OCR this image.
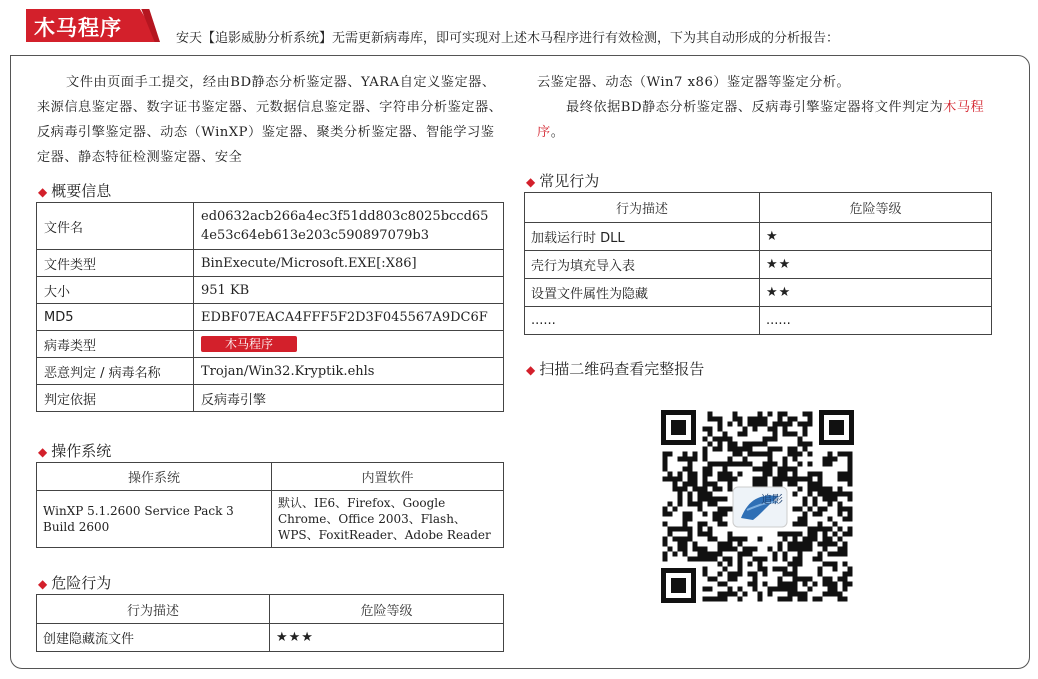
木马程序	安天【追影威胁分析系统】无需更新病毒库，即可实现对上述木马程序进行有效检测，下为其自动形成的分析报告：
文件由页面手工提交，经由BD静态分析鉴定器、YARA自定义鉴定器、来源信息鉴定器、数字证书鉴定器、元数据信息鉴定器、字符串分析鉴定器、反病毒引擎鉴定器、动态（WinXP）鉴定器、聚类分析鉴定器、智能学习鉴定器、静态特征检测鉴定器、安全
云鉴定器、动态（Win7 x86）鉴定器等鉴定分析。
最终依据BD静态分析鉴定器、反病毒引擎鉴定器将文件判定为木马程序。
◆ 概要信息
文件名	ed0632acb266a4ec3f51dd803c8025bccd654e53c64eb613e203c590897079b3
文件类型	BinExecute/Microsoft.EXE[:X86]
大小	951 KB
MD5	EDBF07EACA4FFF5F2D3F045567A9DC6F
病毒类型	木马程序
恶意判定 / 病毒名称	Trojan/Win32.Kryptik.ehls
判定依据	反病毒引擎
◆ 操作系统
操作系统	内置软件
WinXP 5.1.2600 Service Pack 3 Build 2600	默认、IE6、Firefox、Google Chrome、Office 2003、Flash、WPS、FoxitReader、Adobe Reader
◆ 危险行为
行为描述	危险等级
创建隐藏流文件	★★★
◆ 常见行为
行为描述	危险等级
加载运行时 DLL	★
壳行为填充导入表	★★
设置文件属性为隐藏	★★
......	......
◆ 扫描二维码查看完整报告
追影
